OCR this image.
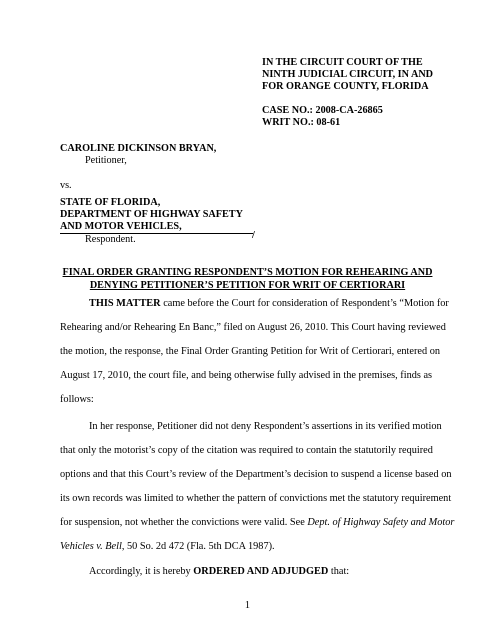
IN THE CIRCUIT COURT OF THE
NINTH JUDICIAL CIRCUIT, IN AND
FOR ORANGE COUNTY, FLORIDA
CASE NO.: 2008-CA-26865
WRIT NO.: 08-61
CAROLINE DICKINSON BRYAN,
Petitioner,
vs.
STATE OF FLORIDA,
DEPARTMENT OF HIGHWAY SAFETY
AND MOTOR VEHICLES,
Respondent.	/
FINAL ORDER GRANTING RESPONDENT’S MOTION FOR REHEARING AND
DENYING PETITIONER’S PETITION FOR WRIT OF CERTIORARI
THIS MATTER came before the Court for consideration of Respondent’s “Motion for
Rehearing and/or Rehearing En Banc,” filed on August 26, 2010. This Court having reviewed
the motion, the response, the Final Order Granting Petition for Writ of Certiorari, entered on
August 17, 2010, the court file, and being otherwise fully advised in the premises, finds as
follows:
In her response, Petitioner did not deny Respondent’s assertions in its verified motion
that only the motorist’s copy of the citation was required to contain the statutorily required
options and that this Court’s review of the Department’s decision to suspend a license based on
its own records was limited to whether the pattern of convictions met the statutory requirement
for suspension, not whether the convictions were valid. See Dept. of Highway Safety and Motor
Vehicles v. Bell, 50 So. 2d 472 (Fla. 5th DCA 1987).
Accordingly, it is hereby ORDERED AND ADJUDGED that:
1
